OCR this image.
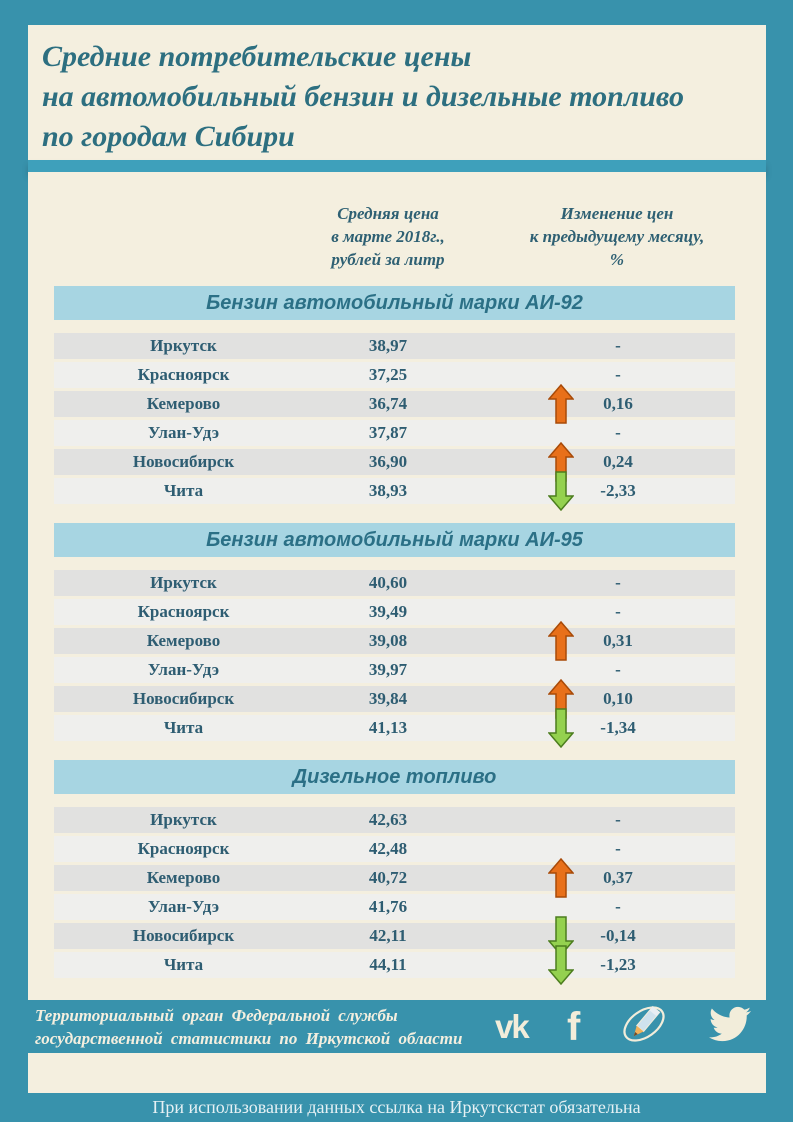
Средние потребительские цены
на автомобильный бензин и дизельные топливо
по городам Сибири
Средняя цена
в марте 2018г.,
рублей за литр
Изменение цен
к предыдущему месяцу,
%
Бензин автомобильный марки АИ-92
Иркутск	38,97	-
Красноярск	37,25	-
Кемерово	36,74	0,16
Улан-Удэ	37,87	-
Новосибирск	36,90	0,24
Чита	38,93	-2,33
Бензин автомобильный марки АИ-95
Иркутск	40,60	-
Красноярск	39,49	-
Кемерово	39,08	0,31
Улан-Удэ	39,97	-
Новосибирск	39,84	0,10
Чита	41,13	-1,34
Дизельное топливо
Иркутск	42,63	-
Красноярск	42,48	-
Кемерово	40,72	0,37
Улан-Удэ	41,76	-
Новосибирск	42,11	-0,14
Чита	44,11	-1,23
Территориальный орган Федеральной службы
государственной статистики по Иркутской области vk f
При использовании данных ссылка на Иркутскстат обязательна
